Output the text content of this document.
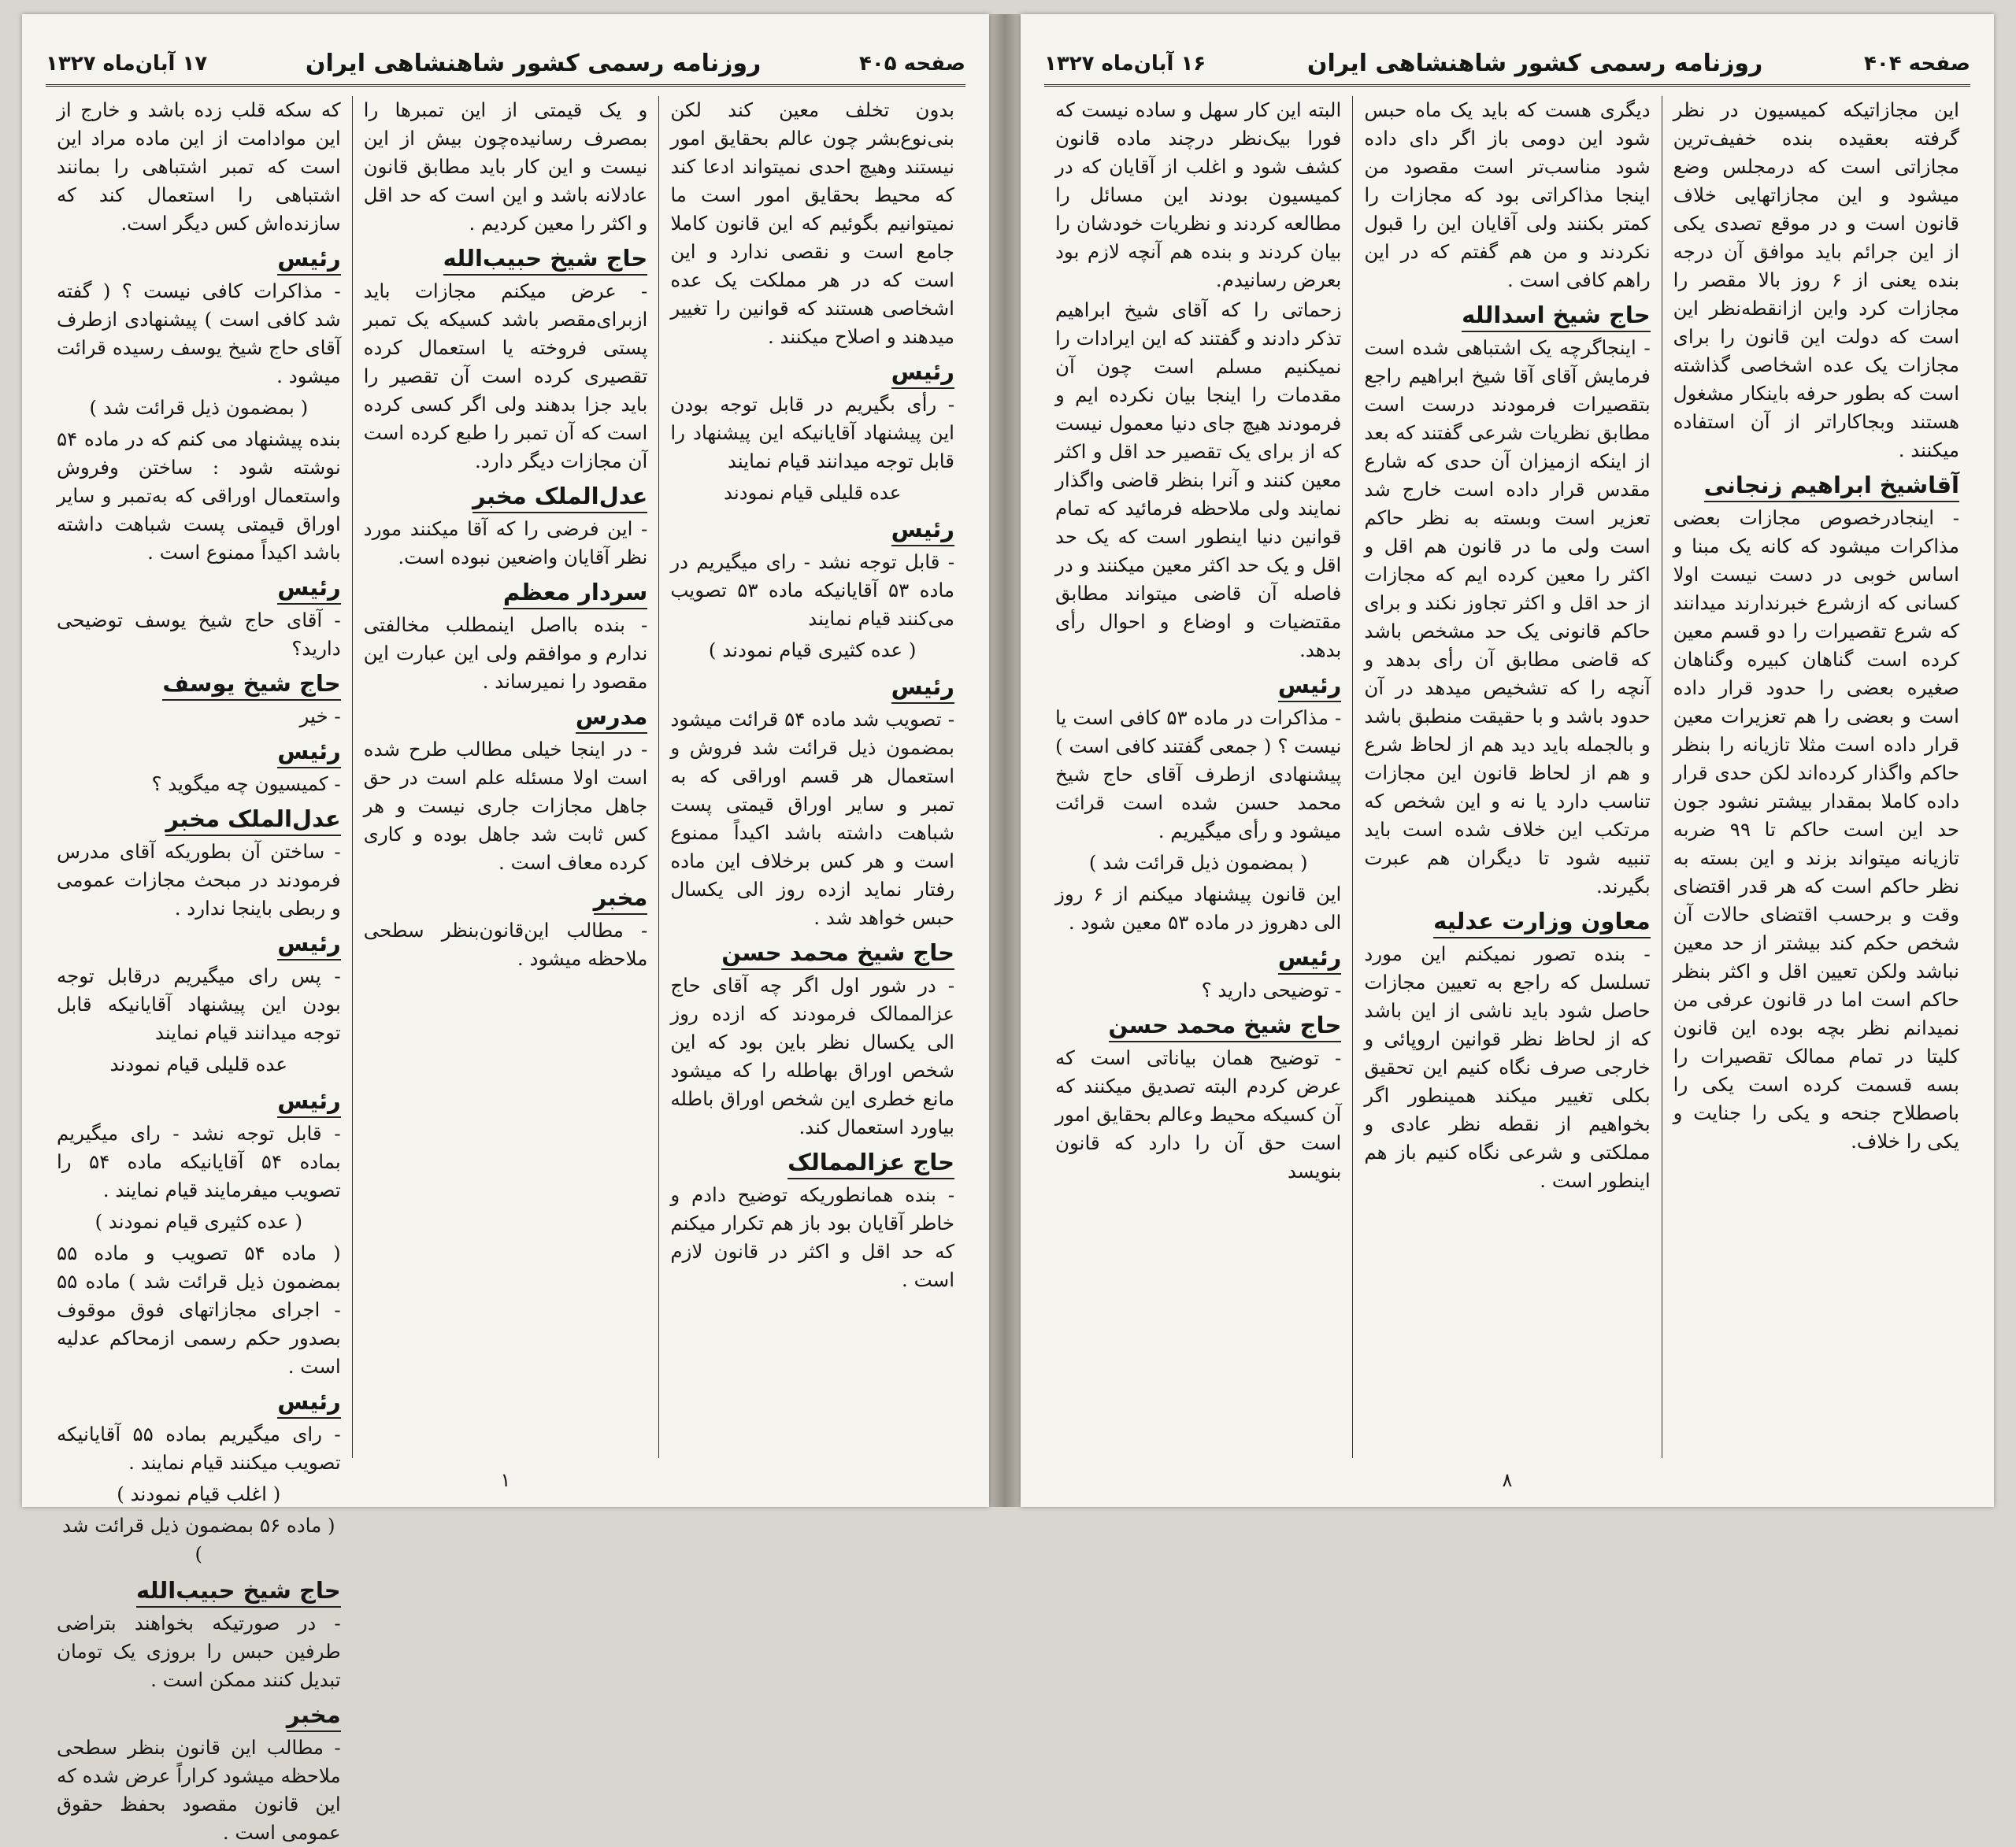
صفحه ۴۰۵
روزنامه رسمی کشور شاهنشاهی ایران
۱۷ آبان‌ماه ۱۳۲۷

بدون تخلف معین کند لکن بنی‌نوع‌بشر چون عالم بحقایق امور نیستند وهیچ احدی نمیتواند ادعا کند که محیط بحقایق امور است ما نمیتوانیم بگوئیم که این قانون کاملا جامع است و نقصی ندارد و این است که در هر مملکت یک عده اشخاصی هستند که قوانین را تغییر میدهند و اصلاح میکنند .

رئیس

- رأی بگیریم در قابل توجه بودن این پیشنهاد آقایانیکه این پیشنهاد را قابل توجه میدانند قیام نمایند

عده قلیلی قیام نمودند

رئیس

- قابل توجه نشد - رای میگیریم در ماده ۵۳ آقایانیکه ماده ۵۳ تصویب می‌کنند قیام نمایند

( عده کثیری قیام نمودند )

رئیس

- تصویب شد ماده ۵۴ قرائت میشود بمضمون ذیل قرائت شد فروش و استعمال هر قسم اوراقی که به تمبر و سایر اوراق قیمتی پست شباهت داشته باشد اکیداً ممنوع است و هر کس برخلاف این ماده رفتار نماید ازده روز الی یکسال حبس خواهد شد .

حاج شیخ محمد حسن

- در شور اول اگر چه آقای حاج عزالممالک فرمودند که ازده روز الی یکسال نظر باین بود که این شخص اوراق بهاطله را که میشود مانع خطری این شخص اوراق باطله بیاورد استعمال کند.

حاج عزالممالک

- بنده همانطوریکه توضیح دادم و خاطر آقایان بود باز هم تکرار میکنم که حد اقل و اکثر در قانون لازم است .

و یک قیمتی از این تمبرها را بمصرف رسانیده‌چون بیش از این نیست و این کار باید مطابق قانون عادلانه باشد و این است که حد اقل و اکثر را معین کردیم .

حاج شیخ حبیب‌الله

- عرض میکنم مجازات باید ازبرای‌مقصر باشد کسیکه یک تمبر پستی فروخته یا استعمال کرده تقصیری کرده است آن تقصیر را باید جزا بدهند ولی اگر کسی کرده است که آن تمبر را طبع کرده است آن مجازات دیگر دارد.

عدل‌الملک مخبر

- این فرضی را که آقا میکنند مورد نظر آقایان واضعین نبوده است.

سردار معظم

- بنده بااصل اینمطلب مخالفتی ندارم و موافقم ولی این عبارت این مقصود را نمیرساند .

مدرس

- در اینجا خیلی مطالب طرح شده است اولا مسئله علم است در حق جاهل مجازات جاری نیست و هر کس ثابت شد جاهل بوده و کاری کرده معاف است .

مخبر

- مطالب این‌قانون‌بنظر سطحی ملاحظه میشود .

که سکه قلب زده باشد و خارج از این موادامت از این ماده مراد این است که تمبر اشتباهی را بمانند اشتباهی را استعمال کند که سازنده‌اش کس دیگر است.

رئیس

- مذاکرات کافی نیست ؟ ( گفته شد کافی است ) پیشنهادی ازطرف آقای حاج شیخ یوسف رسیده قرائت میشود .

( بمضمون ذیل قرائت شد )

بنده پیشنهاد می کنم که در ماده ۵۴ نوشته شود : ساختن وفروش واستعمال اوراقی که به‌تمبر و سایر اوراق قیمتی پست شباهت داشته باشد اکیداً ممنوع است .

رئیس

- آقای حاج شیخ یوسف توضیحی دارید؟

حاج شیخ یوسف

- خیر

رئیس

- کمیسیون چه میگوید ؟

عدل‌الملک مخبر

- ساختن آن بطوریکه آقای مدرس فرمودند در مبحث مجازات عمومی و ربطی باینجا ندارد .

رئیس

- پس رای میگیریم درقابل توجه بودن این پیشنهاد آقایانیکه قابل توجه میدانند قیام نمایند

عده قلیلی قیام نمودند

رئیس

- قابل توجه نشد - رای میگیریم بماده ۵۴ آقایانیکه ماده ۵۴ را تصویب میفرمایند قیام نمایند .

( عده کثیری قیام نمودند )

( ماده ۵۴ تصویب و ماده ۵۵ بمضمون ذیل قرائت شد ) ماده ۵۵ - اجرای مجازاتهای فوق موقوف بصدور حکم رسمی ازمحاکم عدلیه است .

رئیس

- رای میگیریم بماده ۵۵ آقایانیکه تصویب میکنند قیام نمایند .

( اغلب قیام نمودند )

( ماده ۵۶ بمضمون ذیل قرائت شد )

حاج شیخ حبیب‌الله

- در صورتیکه بخواهند بتراضی طرفین حبس را بروزی یک تومان تبدیل کنند ممکن است .

مخبر

- مطالب این قانون بنظر سطحی ملاحظه میشود کراراً عرض شده که این قانون مقصود بحفظ حقوق عمومی است .

۱
صفحه ۴۰۴
روزنامه رسمی کشور شاهنشاهی ایران
۱۶ آبان‌ماه ۱۳۲۷

این مجازاتیکه کمیسیون در نظر گرفته بعقیده بنده خفیف‌ترین مجازاتی است که درمجلس وضع میشود و این مجازاتهایی خلاف قانون است و در موقع تصدی یکی از این جرائم باید موافق آن درجه بنده یعنی از ۶ روز بالا مقصر را مجازات کرد واین ازانقطه‌نظر این است که دولت این قانون را برای مجازات یک عده اشخاصی گذاشته است که بطور حرفه باینکار مشغول هستند وبجاکاراتر از آن استفاده میکنند .

آقاشیخ ابراهیم زنجانی

- اینجادرخصوص مجازات بعضی مذاکرات میشود که کانه یک مبنا و اساس خوبی در دست نیست اولا کسانی که ازشرع خبرندارند میدانند که شرع تقصیرات را دو قسم معین کرده است گناهان کبیره وگناهان صغیره بعضی را حدود قرار داده است و بعضی را هم تعزیرات معین قرار داده است مثلا تازیانه را بنظر حاکم واگذار کرده‌اند لکن حدی قرار داده کاملا بمقدار بیشتر نشود جون حد این است حاکم تا ۹۹ ضربه تازیانه میتواند بزند و این بسته به نظر حاکم است که هر قدر اقتضای وقت و برحسب اقتضای حالات آن شخص حکم کند بیشتر از حد معین نباشد ولکن تعیین اقل و اکثر بنظر حاکم است اما در قانون عرفی من نمیدانم نظر بچه بوده این قانون کلیتا در تمام ممالک تقصیرات را بسه قسمت کرده است یکی را باصطلاح جنحه و یکی را جنایت و یکی را خلاف.

دیگری هست که باید یک ماه حبس شود این دومی باز اگر دای داده شود مناسب‌تر است مقصود من اینجا مذاکراتی بود که مجازات را کمتر بکنند ولی آقایان این را قبول نکردند و من هم گفتم که در این راهم کافی است .

حاج شیخ اسدالله

- اینجاگرچه یک اشتباهی شده است فرمایش آقای آقا شیخ ابراهیم راجع بتقصیرات فرمودند درست است مطابق نظریات شرعی گفتند که بعد از اینکه ازمیزان آن حدی که شارع مقدس قرار داده است خارج شد تعزیر است وبسته به نظر حاکم است ولی ما در قانون هم اقل و اکثر را معین کرده ایم که مجازات از حد اقل و اکثر تجاوز نکند و برای حاکم قانونی یک حد مشخص باشد که قاضی مطابق آن رأی بدهد و آنچه را که تشخیص میدهد در آن حدود باشد و با حقیقت منطبق باشد و بالجمله باید دید هم از لحاظ شرع و هم از لحاظ قانون این مجازات تناسب دارد یا نه و این شخص که مرتکب این خلاف شده است باید تنبیه شود تا دیگران هم عبرت بگیرند.

معاون وزارت عدلیه

- بنده تصور نمیکنم این مورد تسلسل که راجع به تعیین مجازات حاصل شود باید ناشی از این باشد که از لحاظ نظر قوانین اروپائی و خارجی صرف نگاه کنیم این تحقیق بکلی تغییر میکند همینطور اگر بخواهیم از نقطه نظر عادی و مملکتی و شرعی نگاه کنیم باز هم اینطور است .

البته این کار سهل و ساده نیست که فورا بیک‌نظر درچند ماده قانون کشف شود و اغلب از آقایان که در کمیسیون بودند این مسائل را مطالعه کردند و نظریات خودشان را بیان کردند و بنده هم آنچه لازم بود بعرض رسانیدم.

زحماتی را که آقای شیخ ابراهیم تذکر دادند و گفتند که این ایرادات را نمیکنیم مسلم است چون آن مقدمات را اینجا بیان نکرده ایم و فرمودند هیچ جای دنیا معمول نیست که از برای یک تقصیر حد اقل و اکثر معین کنند و آنرا بنظر قاضی واگذار نمایند ولی ملاحظه فرمائید که تمام قوانین دنیا اینطور است که یک حد اقل و یک حد اکثر معین میکنند و در فاصله آن قاضی میتواند مطابق مقتضیات و اوضاع و احوال رأی بدهد.

رئیس

- مذاکرات در ماده ۵۳ کافی است یا نیست ؟ ( جمعی گفتند کافی است ) پیشنهادی ازطرف آقای حاج شیخ محمد حسن شده است قرائت میشود و رأی میگیریم .

( بمضمون ذیل قرائت شد )

این قانون پیشنهاد میکنم از ۶ روز الی دهروز در ماده ۵۳ معین شود .

رئیس

- توضیحی دارید ؟

حاج شیخ محمد حسن

- توضیح همان بیاناتی است که عرض کردم البته تصدیق میکنند که آن کسیکه محیط وعالم بحقایق امور است حق آن را دارد که قانون بنویسد

۸
